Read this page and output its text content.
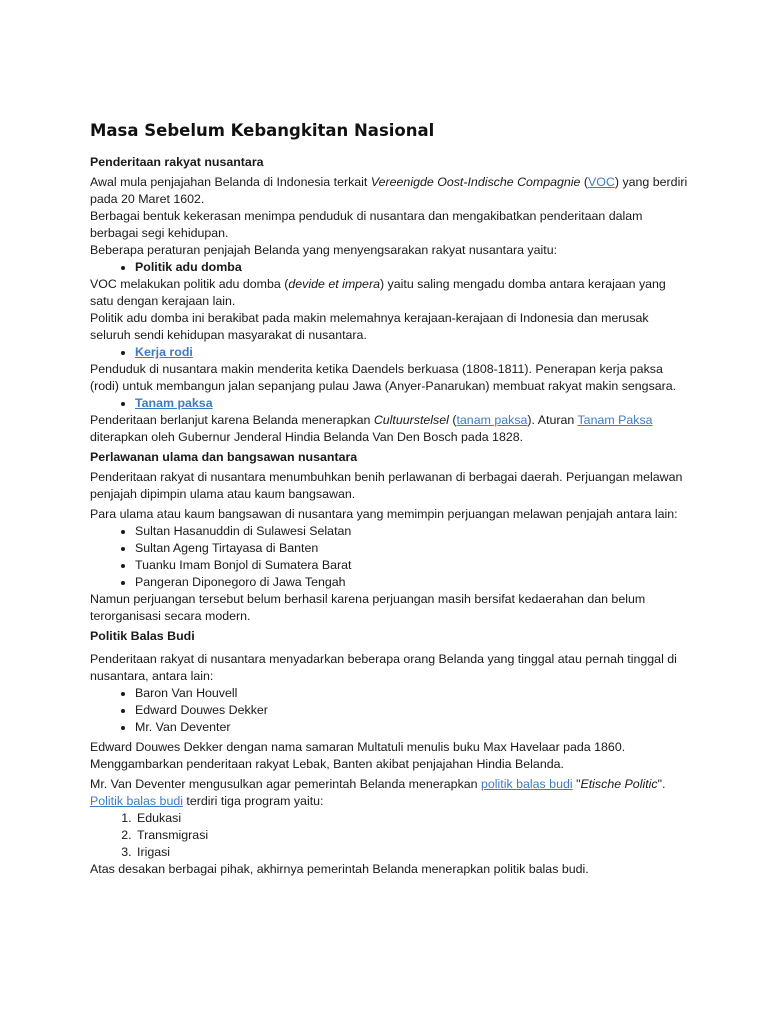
Masa Sebelum Kebangkitan Nasional
Penderitaan rakyat nusantara

Awal mula penjajahan Belanda di Indonesia terkait Vereenigde Oost-Indische Compagnie (VOC) yang berdiri pada 20 Maret 1602.

Berbagai bentuk kekerasan menimpa penduduk di nusantara dan mengakibatkan penderitaan dalam berbagai segi kehidupan.

Beberapa peraturan penjajah Belanda yang menyengsarakan rakyat nusantara yaitu:

• Politik adu domba

VOC melakukan politik adu domba (devide et impera) yaitu saling mengadu domba antara kerajaan yang satu dengan kerajaan lain.

Politik adu domba ini berakibat pada makin melemahnya kerajaan-kerajaan di Indonesia dan merusak seluruh sendi kehidupan masyarakat di nusantara.

• Kerja rodi

Penduduk di nusantara makin menderita ketika Daendels berkuasa (1808-1811). Penerapan kerja paksa (rodi) untuk membangun jalan sepanjang pulau Jawa (Anyer-Panarukan) membuat rakyat makin sengsara.

• Tanam paksa

Penderitaan berlanjut karena Belanda menerapkan Cultuurstelsel (tanam paksa). Aturan Tanam Paksa diterapkan oleh Gubernur Jenderal Hindia Belanda Van Den Bosch pada 1828.

Perlawanan ulama dan bangsawan nusantara

Penderitaan rakyat di nusantara menumbuhkan benih perlawanan di berbagai daerah. Perjuangan melawan penjajah dipimpin ulama atau kaum bangsawan.

Para ulama atau kaum bangsawan di nusantara yang memimpin perjuangan melawan penjajah antara lain:

• Sultan Hasanuddin di Sulawesi Selatan
• Sultan Ageng Tirtayasa di Banten
• Tuanku Imam Bonjol di Sumatera Barat
• Pangeran Diponegoro di Jawa Tengah

Namun perjuangan tersebut belum berhasil karena perjuangan masih bersifat kedaerahan dan belum terorganisasi secara modern.

Politik Balas Budi

Penderitaan rakyat di nusantara menyadarkan beberapa orang Belanda yang tinggal atau pernah tinggal di nusantara, antara lain:

• Baron Van Houvell
• Edward Douwes Dekker
• Mr. Van Deventer

Edward Douwes Dekker dengan nama samaran Multatuli menulis buku Max Havelaar pada 1860.

Menggambarkan penderitaan rakyat Lebak, Banten akibat penjajahan Hindia Belanda.

Mr. Van Deventer mengusulkan agar pemerintah Belanda menerapkan politik balas budi "Etische Politic". Politik balas budi terdiri tiga program yaitu:

1. Edukasi
2. Transmigrasi
3. Irigasi

Atas desakan berbagai pihak, akhirnya pemerintah Belanda menerapkan politik balas budi.
